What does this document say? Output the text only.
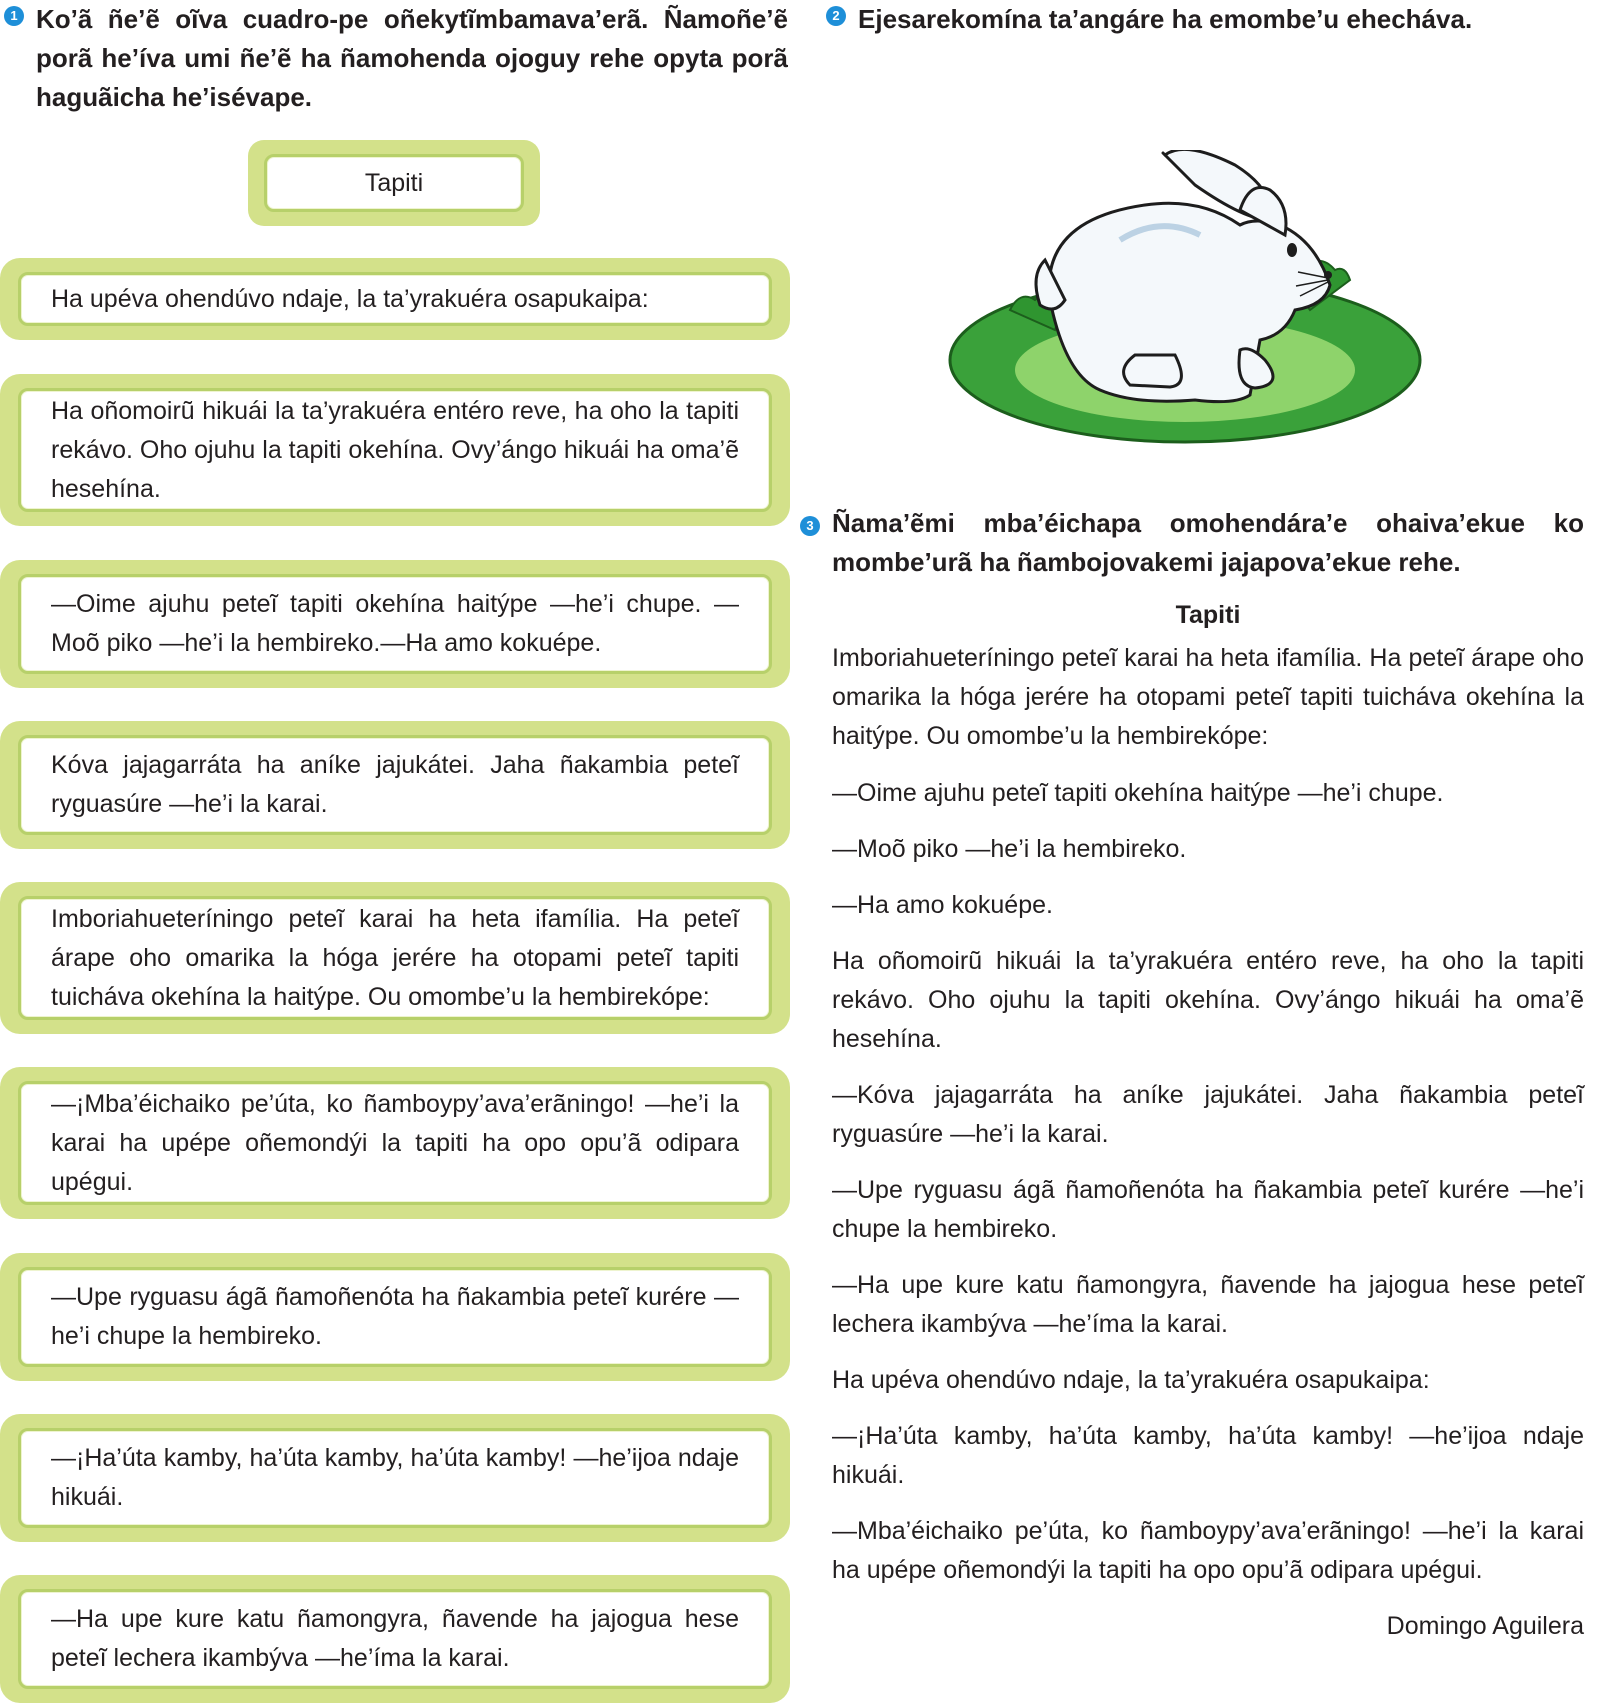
1 Ko’ã ñe’ẽ oĩva cuadro-pe oñekytĩmbamava’erã. Ñamoñe’ẽ porã he’íva umi ñe’ẽ ha ñamohenda ojoguy rehe opyta porã haguãicha he’isévape.
Tapiti
Ha upéva ohendúvo ndaje, la ta’yrakuéra osapukaipa:
Ha oñomoirũ hikuái la ta’yrakuéra entéro reve, ha oho la tapiti rekávo. Oho ojuhu la tapiti okehína. Ovy’ángo hikuái ha oma’ẽ hesehína.
—Oime ajuhu peteĩ tapiti okehína haitýpe —he’i chupe. —Moõ piko —he’i la hembireko.—Ha amo kokuépe.
Kóva jajagarráta ha aníke jajukátei. Jaha ñakambia peteĩ ryguasúre —he’i la karai.
Imboriahueteríningo peteĩ karai ha heta ifamília. Ha peteĩ árape oho omarika la hóga jerére ha otopami peteĩ tapiti tuicháva okehína la haitýpe. Ou omombe’u la hembirekópe:
—¡Mba’éichaiko pe’úta, ko ñamboypy’ava’erãningo! —he’i la karai ha upépe oñemondýi la tapiti ha opo opu’ã odipara upégui.
—Upe ryguasu ágã ñamoñenóta ha ñakambia peteĩ kurére —he’i chupe la hembireko.
—¡Ha’úta kamby, ha’úta kamby, ha’úta kamby! —he’ijoa ndaje hikuái.
—Ha upe kure katu ñamongyra, ñavende ha jajogua hese peteĩ lechera ikambývа —he’íma la karai.
2 Ejesarekomína ta’angáre ha emombe’u ehecháva.
3 Ñama’ẽmi mba’éichapa omohendára’e ohaiva’ekue ko mombe’urã ha ñambojovakemi jajapova’ekue rehe.

Tapiti

Imboriahueteríningo peteĩ karai ha heta ifamília. Ha peteĩ árape oho omarika la hóga jerére ha otopami peteĩ tapiti tuicháva okehína la haitýpe. Ou omombe’u la hembirekópe:

—Oime ajuhu peteĩ tapiti okehína haitýpe —he’i chupe.

—Moõ piko —he’i la hembireko.

—Ha amo kokuépe.

Ha oñomoirũ hikuái la ta’yrakuéra entéro reve, ha oho la tapiti rekávo. Oho ojuhu la tapiti okehína. Ovy’ángo hikuái ha oma’ẽ hesehína.

—Kóva jajagarráta ha aníke jajukátei. Jaha ñakambia peteĩ ryguasúre —he’i la karai.

—Upe ryguasu ágã ñamoñenóta ha ñakambia peteĩ kurére —he’i chupe la hembireko.

—Ha upe kure katu ñamongyra, ñavende ha jajogua hese peteĩ lechera ikambýva —he’íma la karai.

Ha upéva ohendúvo ndaje, la ta’yrakuéra osapukaipa:

—¡Ha’úta kamby, ha’úta kamby, ha’úta kamby! —he’ijoa ndaje hikuái.

—Mba’éichaiko pe’úta, ko ñamboypy’ava’erãningo! —he’i la karai ha upépe oñemondýi la tapiti ha opo opu’ã odipara upégui.

Domingo Aguilera
